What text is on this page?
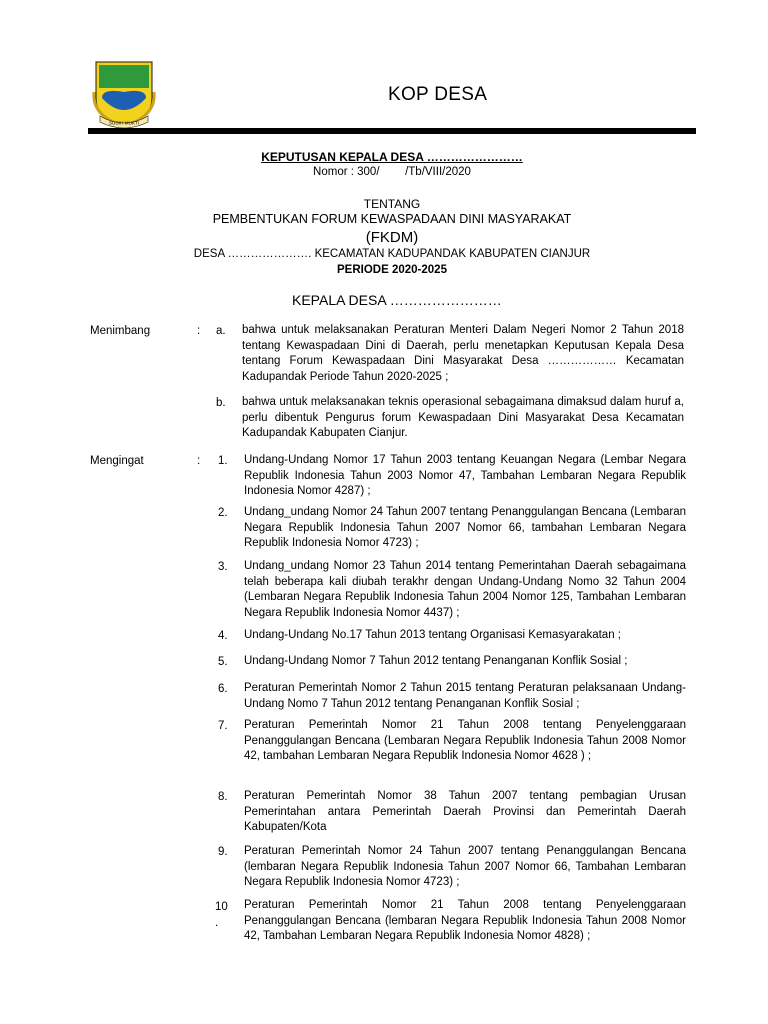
SUGIH MUKTI
KOP DESA
KEPUTUSAN KEPALA DESA ……………………
Nomor : 300/        /Tb/VIII/2020
TENTANG
PEMBENTUKAN FORUM KEWASPADAAN DINI MASYARAKAT
(FKDM)
DESA …………………. KECAMATAN KADUPANDAK KABUPATEN CIANJUR
PERIODE 2020-2025
KEPALA DESA ……………………
Menimbang	: a. bahwa untuk melaksanakan Peraturan Menteri Dalam Negeri Nomor 2 Tahun 2018 tentang Kewaspadaan Dini di Daerah, perlu menetapkan Keputusan Kepala Desa tentang Forum Kewaspadaan Dini Masyarakat Desa ……………… Kecamatan Kadupandak Periode Tahun 2020-2025 ;
b. bahwa untuk melaksanakan teknis operasional sebagaimana dimaksud dalam huruf a, perlu dibentuk Pengurus forum Kewaspadaan Dini Masyarakat Desa Kecamatan Kadupandak Kabupaten Cianjur.
Mengingat	: 1. Undang-Undang Nomor 17 Tahun 2003 tentang Keuangan Negara (Lembar Negara Republik Indonesia Tahun 2003 Nomor 47, Tambahan Lembaran Negara Republik Indonesia Nomor 4287) ;
2. Undang_undang Nomor 24 Tahun 2007 tentang Penanggulangan Bencana (Lembaran Negara Republik Indonesia Tahun 2007 Nomor 66, tambahan Lembaran Negara Republik Indonesia Nomor 4723) ;
3. Undang_undang Nomor 23 Tahun 2014 tentang Pemerintahan Daerah sebagaimana telah beberapa kali diubah terakhr dengan Undang-Undang Nomo 32 Tahun 2004 (Lembaran Negara Republik Indonesia Tahun 2004 Nomor 125, Tambahan Lembaran Negara Republik Indonesia Nomor 4437) ;
4. Undang-Undang No.17 Tahun 2013 tentang Organisasi Kemasyarakatan ;
5. Undang-Undang Nomor 7 Tahun 2012 tentang Penanganan Konflik Sosial ;
6. Peraturan Pemerintah Nomor 2 Tahun 2015 tentang Peraturan pelaksanaan Undang-Undang Nomo 7 Tahun 2012 tentang Penanganan Konflik Sosial ;
7. Peraturan Pemerintah Nomor 21 Tahun 2008 tentang Penyelenggaraan Penanggulangan Bencana (Lembaran Negara Republik Indonesia Tahun 2008 Nomor 42, tambahan Lembaran Negara Republik Indonesia Nomor 4628 ) ;
8. Peraturan Pemerintah Nomor 38 Tahun 2007 tentang pembagian Urusan Pemerintahan antara Pemerintah Daerah Provinsi dan Pemerintah Daerah Kabupaten/Kota
9. Peraturan Pemerintah Nomor 24 Tahun 2007 tentang Penanggulangan Bencana (lembaran Negara Republik Indonesia Tahun 2007 Nomor 66, Tambahan Lembaran Negara Republik Indonesia Nomor 4723) ;
10.
Peraturan Pemerintah Nomor 21 Tahun 2008 tentang Penyelenggaraan Penanggulangan Bencana (lembaran Negara Republik Indonesia Tahun 2008 Nomor 42, Tambahan Lembaran Negara Republik Indonesia Nomor 4828) ;
